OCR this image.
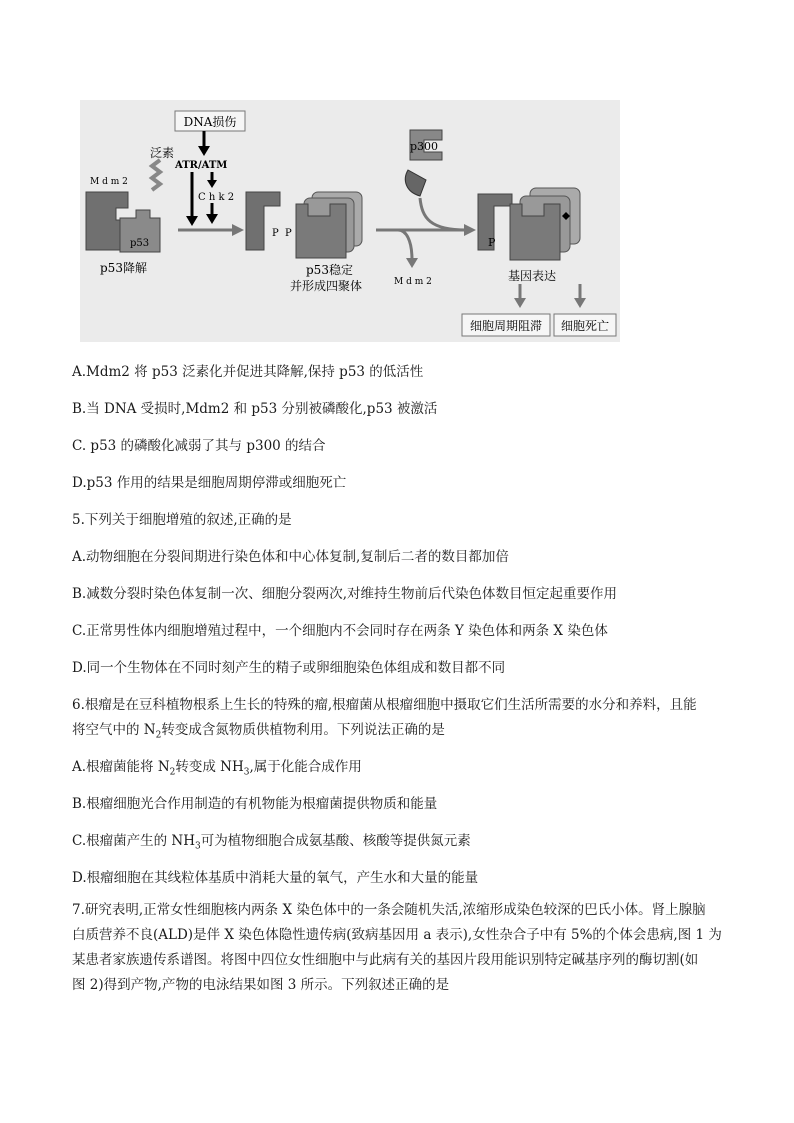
DNA损伤
泛素
M d m 2
p53
p53降解
ATR/ATM
C h k 2
P P
p53稳定
并形成四聚体
p300
M d m 2
P
基因表达
细胞周期阻滞 细胞死亡
A.Mdm2 将 p53 泛素化并促进其降解,保持 p53 的低活性
B.当 DNA 受损时,Mdm2 和 p53 分别被磷酸化,p53 被激活
C. p53 的磷酸化减弱了其与 p300 的结合
D.p53 作用的结果是细胞周期停滞或细胞死亡
5.下列关于细胞增殖的叙述,正确的是
A.动物细胞在分裂间期进行染色体和中心体复制,复制后二者的数目都加倍
B.减数分裂时染色体复制一次、细胞分裂两次,对维持生物前后代染色体数目恒定起重要作用
C.正常男性体内细胞增殖过程中，一个细胞内不会同时存在两条 Y 染色体和两条 X 染色体
D.同一个生物体在不同时刻产生的精子或卵细胞染色体组成和数目都不同
6.根瘤是在豆科植物根系上生长的特殊的瘤,根瘤菌从根瘤细胞中摄取它们生活所需要的水分和养料，且能
将空气中的 $N_2$转变成含氮物质供植物利用。下列说法正确的是
A.根瘤菌能将 $N_2$转变成 $NH_3$,属于化能合成作用
B.根瘤细胞光合作用制造的有机物能为根瘤菌提供物质和能量
C.根瘤菌产生的 $NH_3$可为植物细胞合成氨基酸、核酸等提供氮元素
D.根瘤细胞在其线粒体基质中消耗大量的氧气，产生水和大量的能量
7.研究表明,正常女性细胞核内两条 X 染色体中的一条会随机失活,浓缩形成染色较深的巴氏小体。肾上腺脑
白质营养不良(ALD)是伴 X 染色体隐性遗传病(致病基因用 a 表示),女性杂合子中有 5%的个体会患病,图 1 为
某患者家族遗传系谱图。将图中四位女性细胞中与此病有关的基因片段用能识别特定碱基序列的酶切割(如
图 2)得到产物,产物的电泳结果如图 3 所示。下列叙述正确的是
